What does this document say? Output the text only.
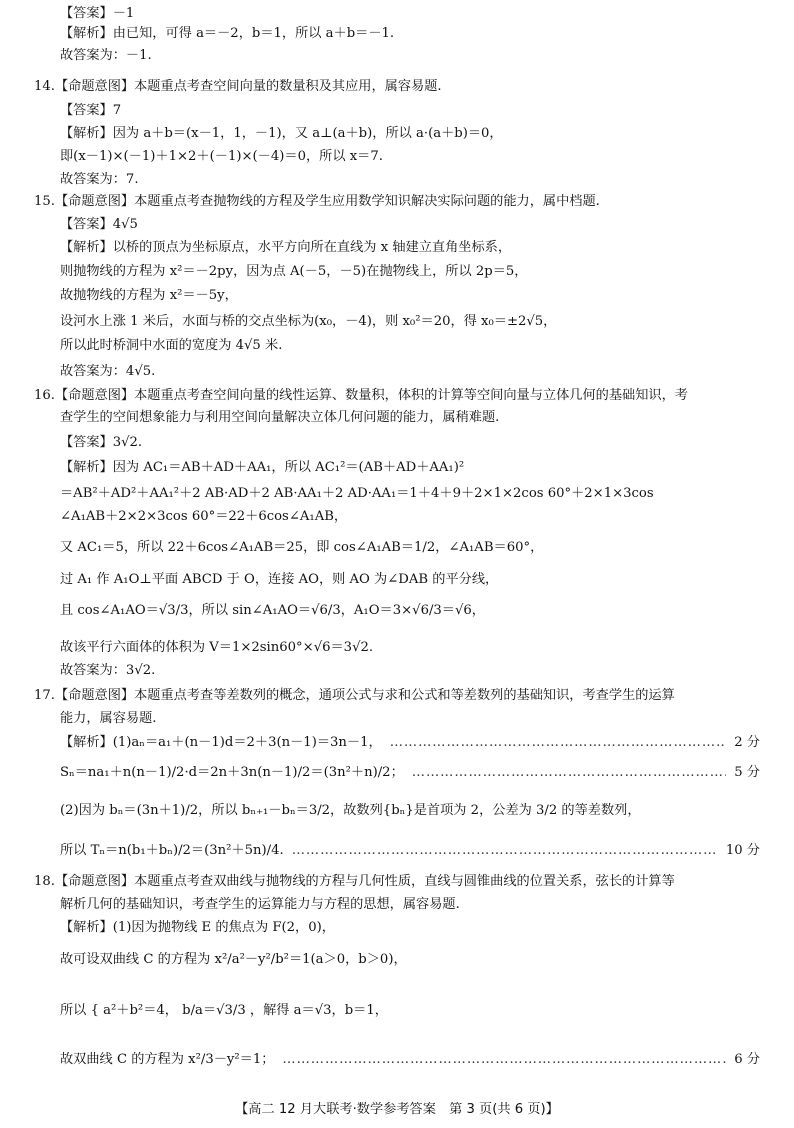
【答案】－1
【解析】由已知，可得 a＝－2，b＝1，所以 a＋b＝－1.
故答案为：－1.
14.【命题意图】本题重点考查空间向量的数量积及其应用，属容易题.
【答案】7
【解析】因为 a＋b＝(x－1，1，－1)，又 a⊥(a＋b)，所以 a·(a＋b)＝0，
即(x－1)×(－1)＋1×2＋(－1)×(－4)＝0，所以 x＝7.
故答案为：7.
15.【命题意图】本题重点考查抛物线的方程及学生应用数学知识解决实际问题的能力，属中档题.
【答案】4√5
【解析】以桥的顶点为坐标原点，水平方向所在直线为 x 轴建立直角坐标系，
则抛物线的方程为 x²＝－2py，因为点 A(－5，－5)在抛物线上，所以 2p＝5，
故抛物线的方程为 x²＝－5y，
设河水上涨 1 米后，水面与桥的交点坐标为(x₀，－4)，则 x₀²＝20，得 x₀＝±2√5，
所以此时桥洞中水面的宽度为 4√5 米.
故答案为：4√5.
16.【命题意图】本题重点考查空间向量的线性运算、数量积，体积的计算等空间向量与立体几何的基础知识，考
查学生的空间想象能力与利用空间向量解决立体几何问题的能力，属稍难题.
【答案】3√2.
【解析】因为 AC₁＝AB＋AD＋AA₁，所以 AC₁²＝(AB＋AD＋AA₁)²
＝AB²＋AD²＋AA₁²＋2 AB·AD＋2 AB·AA₁＋2 AD·AA₁＝1＋4＋9＋2×1×2cos 60°＋2×1×3cos
∠A₁AB＋2×2×3cos 60°＝22＋6cos∠A₁AB，
又 AC₁＝5，所以 22＋6cos∠A₁AB＝25，即 cos∠A₁AB＝1/2，∠A₁AB＝60°，
过 A₁ 作 A₁O⊥平面 ABCD 于 O，连接 AO，则 AO 为∠DAB 的平分线，
且 cos∠A₁AO＝√3/3，所以 sin∠A₁AO＝√6/3，A₁O＝3×√6/3＝√6，
故该平行六面体的体积为 V＝1×2sin60°×√6＝3√2.
故答案为：3√2.
17.【命题意图】本题重点考查等差数列的概念，通项公式与求和公式和等差数列的基础知识，考查学生的运算
能力，属容易题.
【解析】(1)aₙ＝a₁＋(n－1)d＝2＋3(n－1)＝3n－1， ………………………………………………………………………………………………………………………………………………………………………………………………………	2 分
Sₙ＝na₁＋n(n－1)/2·d＝2n＋3n(n－1)/2＝(3n²＋n)/2； ………………………………………………………………………………………………………………………………………………………………………………………………………	5 分
(2)因为 bₙ＝(3n＋1)/2，所以 bₙ₊₁－bₙ＝3/2，故数列{bₙ}是首项为 2，公差为 3/2 的等差数列，
所以 Tₙ＝n(b₁＋bₙ)/2＝(3n²＋5n)/4. ………………………………………………………………………………………………………………………………………………………………………………………………………	10 分
18.【命题意图】本题重点考查双曲线与抛物线的方程与几何性质，直线与圆锥曲线的位置关系，弦长的计算等
解析几何的基础知识，考查学生的运算能力与方程的思想，属容易题.
【解析】(1)因为抛物线 E 的焦点为 F(2，0)，
故可设双曲线 C 的方程为 x²/a²－y²/b²＝1(a＞0，b＞0)，
所以 { a²＋b²＝4， b/a＝√3/3 ，解得 a＝√3，b＝1，
故双曲线 C 的方程为 x²/3－y²＝1； ………………………………………………………………………………………………………………………………………………………………………………………………………	6 分
【高二 12 月大联考·数学参考答案　第 3 页(共 6 页)】
